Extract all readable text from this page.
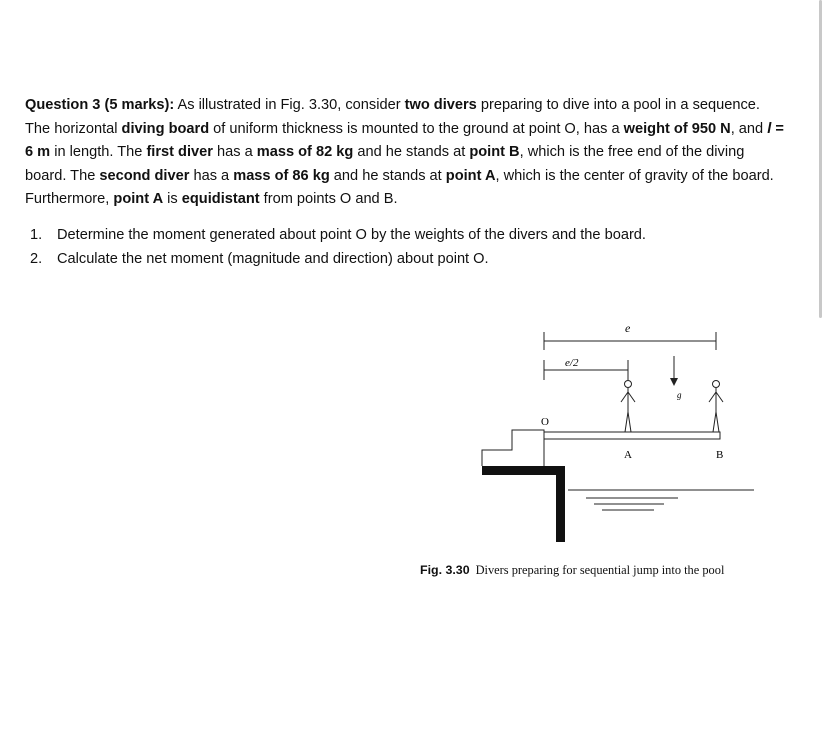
Question 3 (5 marks): As illustrated in Fig. 3.30, consider two divers preparing to dive into a pool in a sequence. The horizontal diving board of uniform thickness is mounted to the ground at point O, has a weight of 950 N, and l = 6 m in length. The first diver has a mass of 82 kg and he stands at point B, which is the free end of the diving board. The second diver has a mass of 86 kg and he stands at point A, which is the center of gravity of the board. Furthermore, point A is equidistant from points O and B.

1.	Determine the moment generated about point O by the weights of the divers and the board.
2.	Calculate the net moment (magnitude and direction) about point O.
e
e/2
g
O
A	B
Fig. 3.30 Divers preparing for sequential jump into the pool
